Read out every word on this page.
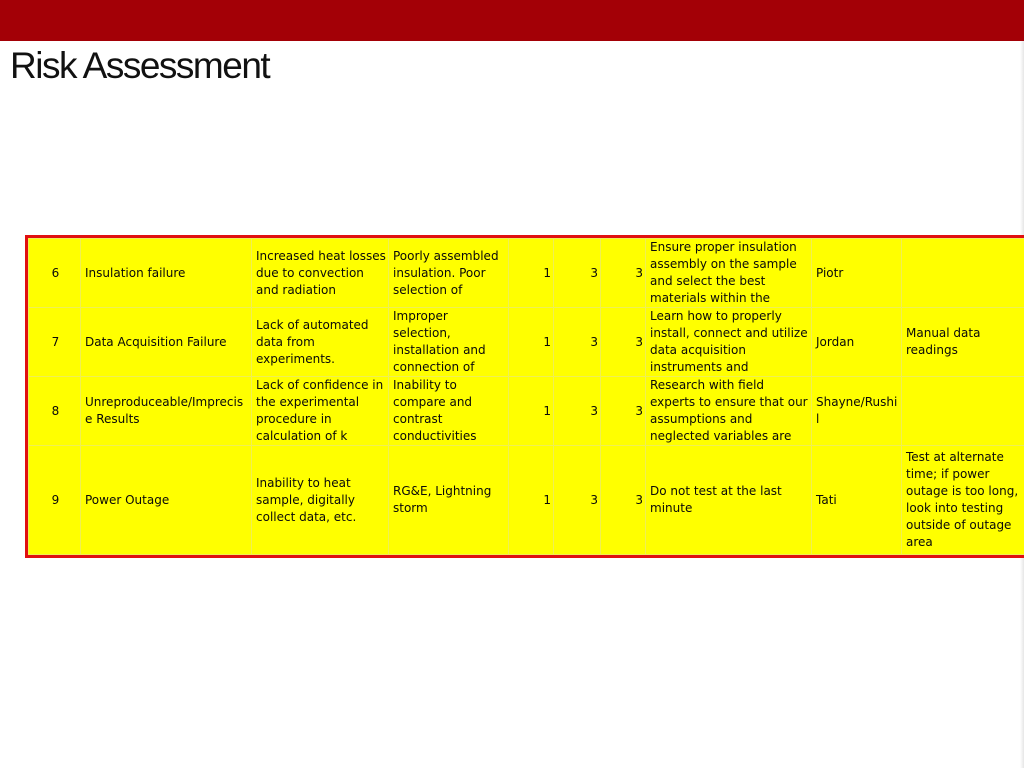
Risk Assessment
6	Insulation failure	Increased heat losses due to convection and radiation	Poorly assembled insulation. Poor selection of	1	3	3	Ensure proper insulation assembly on the sample and select the best materials within the	Piotr	
7	Data Acquisition Failure	Lack of automated data from experiments.	Improper selection, installation and connection of	1	3	3	Learn how to properly install, connect and utilize data acquisition instruments and	Jordan	Manual data readings
8	Unreproduceable/Imprecise Results	Lack of confidence in the experimental procedure in calculation of k	Inability to compare and contrast conductivities	1	3	3	Research with field experts to ensure that our assumptions and neglected variables are	Shayne/Rushil	
9	Power Outage	Inability to heat sample, digitally collect data, etc.	RG&E, Lightning storm	1	3	3	Do not test at the last minute	Tati	Test at alternate time; if power outage is too long, look into testing outside of outage area
